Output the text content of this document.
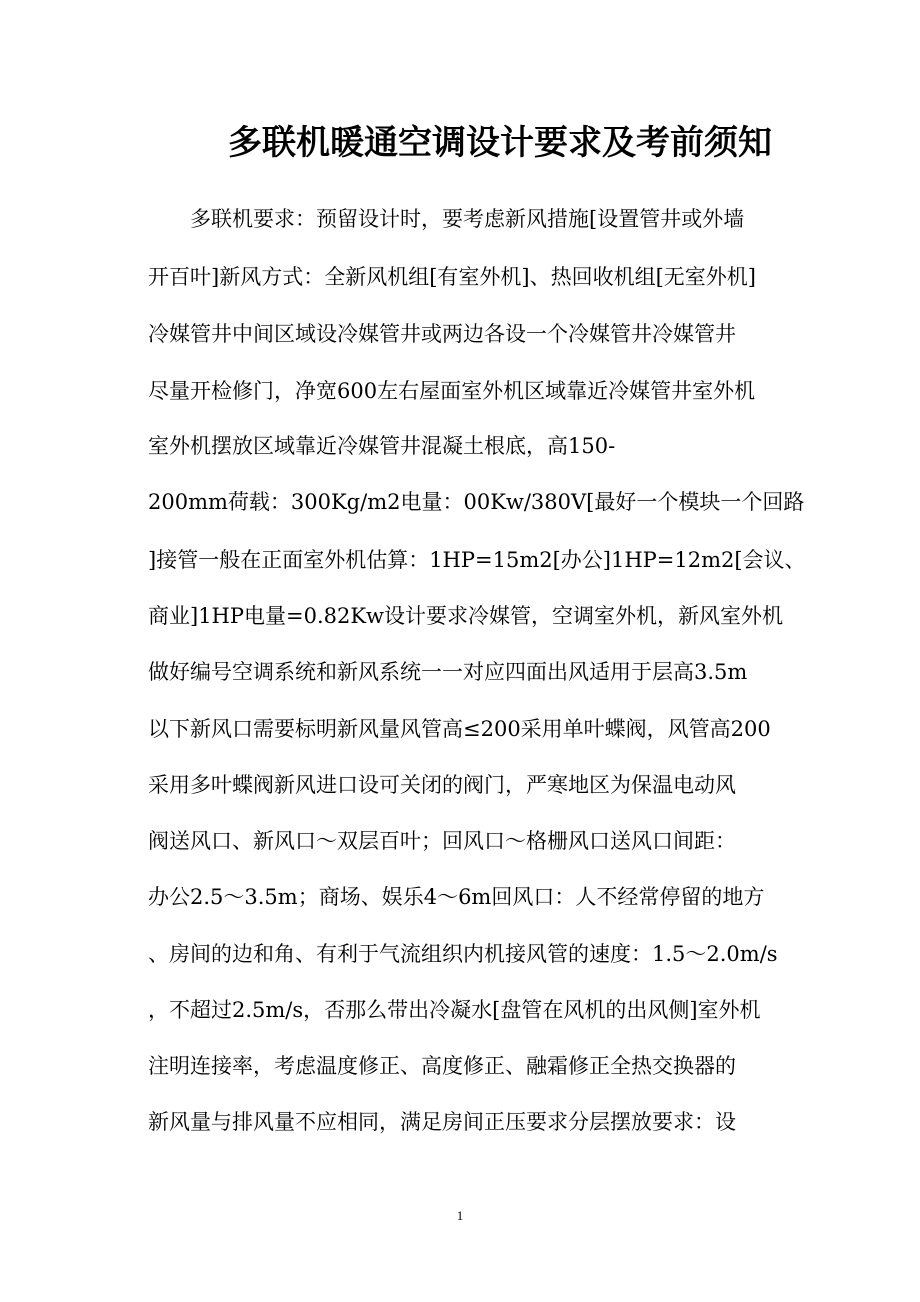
多联机暖通空调设计要求及考前须知
多联机要求：预留设计时，要考虑新风措施[设置管井或外墙
开百叶]新风方式：全新风机组[有室外机]、热回收机组[无室外机]
冷媒管井中间区域设冷媒管井或两边各设一个冷媒管井冷媒管井
尽量开检修门，净宽600左右屋面室外机区域靠近冷媒管井室外机
室外机摆放区域靠近冷媒管井混凝土根底，高150-
200mm荷载：300Kg/m2电量：00Kw/380V[最好一个模块一个回路
]接管一般在正面室外机估算：1HP=15m2[办公]1HP=12m2[会议、
商业]1HP电量=0.82Kw设计要求冷媒管，空调室外机，新风室外机
做好编号空调系统和新风系统一一对应四面出风适用于层高3.5m
以下新风口需要标明新风量风管高≤200采用单叶蝶阀，风管高200
采用多叶蝶阀新风进口设可关闭的阀门，严寒地区为保温电动风
阀送风口、新风口～双层百叶；回风口～格栅风口送风口间距：
办公2.5～3.5m；商场、娱乐4～6m回风口：人不经常停留的地方
、房间的边和角、有利于气流组织内机接风管的速度：1.5～2.0m/s
，不超过2.5m/s，否那么带出冷凝水[盘管在风机的出风侧]室外机
注明连接率，考虑温度修正、高度修正、融霜修正全热交换器的
新风量与排风量不应相同，满足房间正压要求分层摆放要求：设
1
